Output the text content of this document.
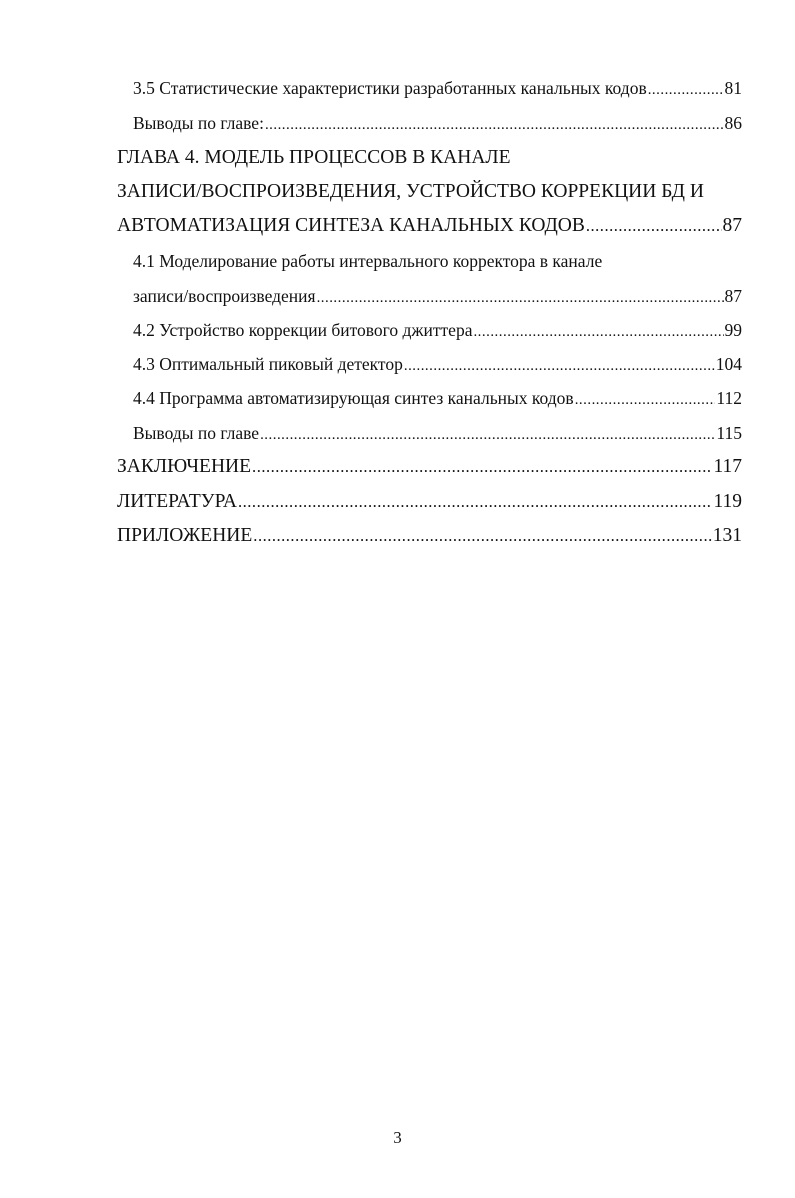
3.5 Статистические характеристики разработанных канальных кодов .....	81
Выводы по главе: .....	86
ГЛАВА 4. МОДЕЛЬ ПРОЦЕССОВ В КАНАЛЕ
ЗАПИСИ/ВОСПРОИЗВЕДЕНИЯ, УСТРОЙСТВО КОРРЕКЦИИ БД И
АВТОМАТИЗАЦИЯ СИНТЕЗА КАНАЛЬНЫХ КОДОВ .....	87
4.1 Моделирование работы интервального корректора в канале
записи/воспроизведения .....	87
4.2 Устройство коррекции битового джиттера .....	99
4.3 Оптимальный пиковый детектор .....	104
4.4 Программа автоматизирующая синтез канальных кодов .....	112
Выводы по главе .....	115
ЗАКЛЮЧЕНИЕ .....	117
ЛИТЕРАТУРА .....	119
ПРИЛОЖЕНИЕ .....	131
3
